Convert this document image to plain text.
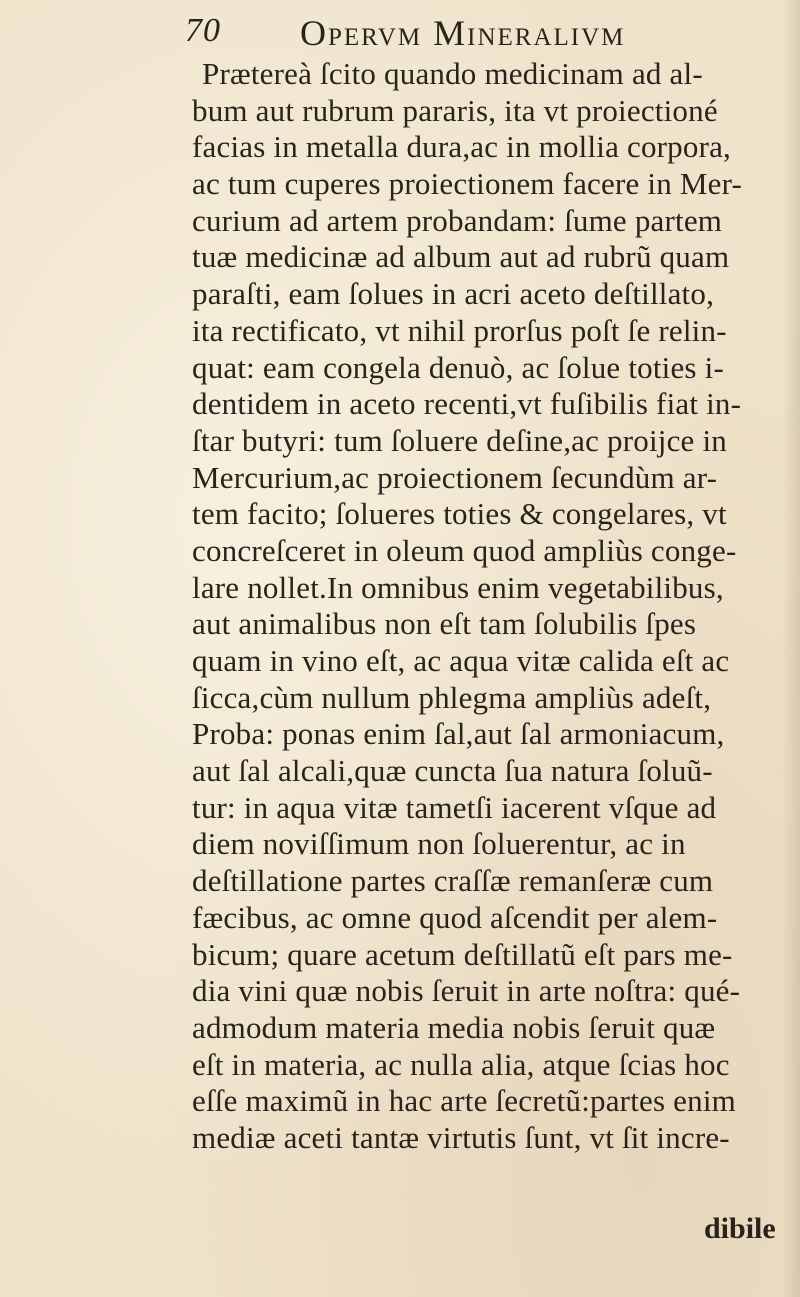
70 Opervm Mineralivm
Prætereà ſcito quando medicinam ad al-
bum aut rubrum pararis, ita vt proiectioné
facias in metalla dura,ac in mollia corpora,
ac tum cuperes proiectionem facere in Mer-
curium ad artem probandam: ſume partem
tuæ medicinæ ad album aut ad rubrũ quam
paraſti, eam ſolues in acri aceto deſtillato,
ita rectificato, vt nihil prorſus poſt ſe relin-
quat: eam congela denuò, ac ſolue toties i-
dentidem in aceto recenti,vt fuſibilis fiat in-
ſtar butyri: tum ſoluere deſine,ac proijce in
Mercurium,ac proiectionem ſecundùm ar-
tem facito; ſolueres toties & congelares, vt
concreſceret in oleum quod ampliùs conge-
lare nollet.In omnibus enim vegetabilibus,
aut animalibus non eſt tam ſolubilis ſpes
quam in vino eſt, ac aqua vitæ calida eſt ac
ſicca,cùm nullum phlegma ampliùs adeſt,
Proba: ponas enim ſal,aut ſal armoniacum,
aut ſal alcali,quæ cuncta ſua natura ſoluũ-
tur: in aqua vitæ tametſi iacerent vſque ad
diem noviſſimum non ſoluerentur, ac in
deſtillatione partes craſſæ remanſeræ cum
fæcibus, ac omne quod aſcendit per alem-
bicum; quare acetum deſtillatũ eſt pars me-
dia vini quæ nobis ſeruit in arte noſtra: qué-
admodum materia media nobis ſeruit quæ
eſt in materia, ac nulla alia, atque ſcias hoc
eſſe maximũ in hac arte ſecretũ:partes enim
mediæ aceti tantæ virtutis ſunt, vt ſit incre-
dibile
